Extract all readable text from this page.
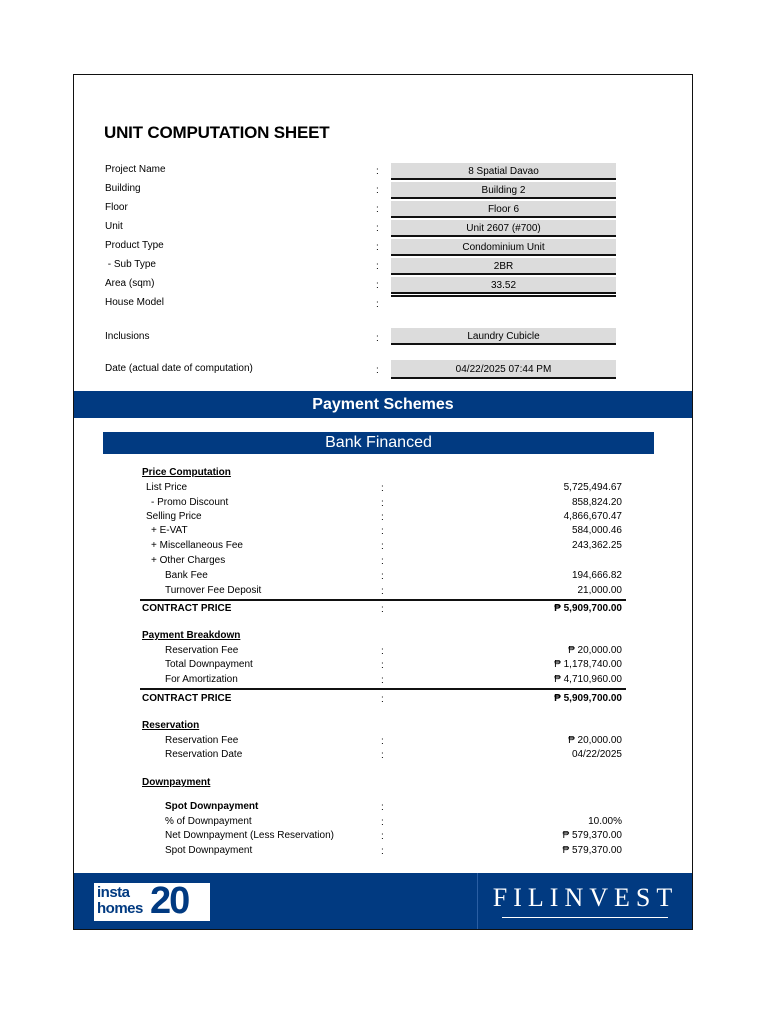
UNIT COMPUTATION SHEET
Project Name	:	8 Spatial Davao
Building	:	Building 2
Floor	:	Floor 6
Unit	:	Unit 2607 (#700)
Product Type	:	Condominium Unit
- Sub Type	:	2BR
Area (sqm)	:	33.52
House Model	:
Inclusions	:	Laundry Cubicle
Date (actual date of computation)	:	04/22/2025 07:44 PM
Payment Schemes
Bank Financed
Price Computation
List Price	:	5,725,494.67
- Promo Discount	:	858,824.20
Selling Price	:	4,866,670.47
+ E-VAT	:	584,000.46
+ Miscellaneous Fee	:	243,362.25
+ Other Charges	:
Bank Fee	:	194,666.82
Turnover Fee Deposit	:	21,000.00
CONTRACT PRICE	:	₱ 5,909,700.00
Payment Breakdown
Reservation Fee	:	₱ 20,000.00
Total Downpayment	:	₱ 1,178,740.00
For Amortization	:	₱ 4,710,960.00
CONTRACT PRICE	:	₱ 5,909,700.00
Reservation
Reservation Fee	:	₱ 20,000.00
Reservation Date	:	04/22/2025
Downpayment
Spot Downpayment	:
% of Downpayment	:	10.00%
Net Downpayment (Less Reservation)	:	₱ 579,370.00
Spot Downpayment	:	₱ 579,370.00
insta
homes 20	FILINVEST
